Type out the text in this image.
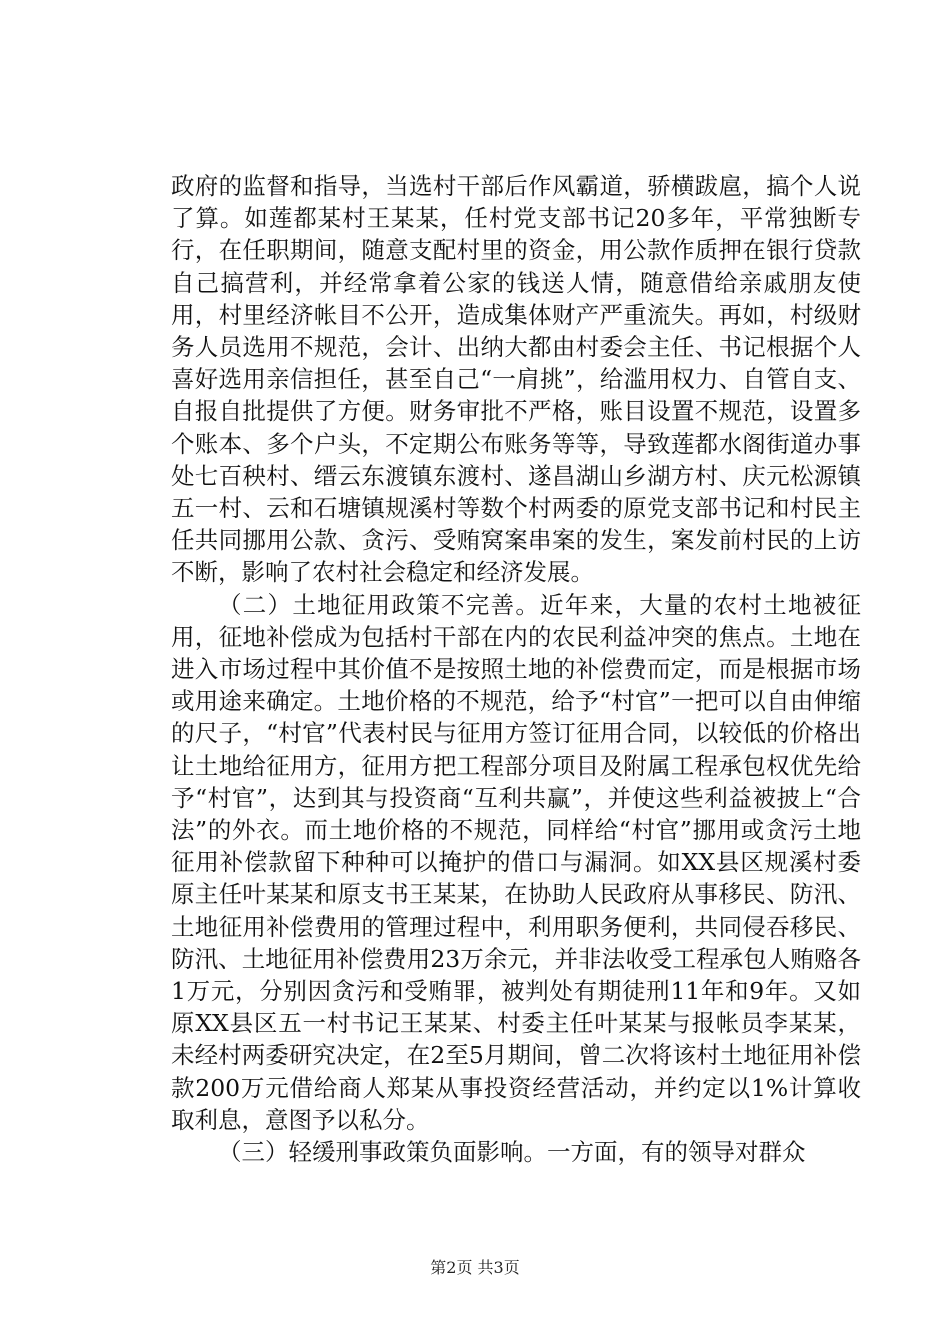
政府的监督和指导，当选村干部后作风霸道，骄横跋扈，搞个人说了算。如莲都某村王某某，任村党支部书记20多年，平常独断专行，在任职期间，随意支配村里的资金，用公款作质押在银行贷款自己搞营利，并经常拿着公家的钱送人情，随意借给亲戚朋友使用，村里经济帐目不公开，造成集体财产严重流失。再如，村级财务人员选用不规范，会计、出纳大都由村委会主任、书记根据个人喜好选用亲信担任，甚至自己“一肩挑”，给滥用权力、自管自支、自报自批提供了方便。财务审批不严格，账目设置不规范，设置多个账本、多个户头，不定期公布账务等等，导致莲都水阁街道办事处七百秧村、缙云东渡镇东渡村、遂昌湖山乡湖方村、庆元松源镇五一村、云和石塘镇规溪村等数个村两委的原党支部书记和村民主任共同挪用公款、贪污、受贿窝案串案的发生，案发前村民的上访不断，影响了农村社会稳定和经济发展。

（二）土地征用政策不完善。近年来，大量的农村土地被征用，征地补偿成为包括村干部在内的农民利益冲突的焦点。土地在进入市场过程中其价值不是按照土地的补偿费而定，而是根据市场或用途来确定。土地价格的不规范，给予“村官”一把可以自由伸缩的尺子，“村官”代表村民与征用方签订征用合同，以较低的价格出让土地给征用方，征用方把工程部分项目及附属工程承包权优先给予“村官”，达到其与投资商“互利共赢”，并使这些利益被披上“合法”的外衣。而土地价格的不规范，同样给“村官”挪用或贪污土地征用补偿款留下种种可以掩护的借口与漏洞。如XX县区规溪村委原主任叶某某和原支书王某某，在协助人民政府从事移民、防汛、土地征用补偿费用的管理过程中，利用职务便利，共同侵吞移民、防汛、土地征用补偿费用23万余元，并非法收受工程承包人贿赂各1万元，分别因贪污和受贿罪，被判处有期徒刑11年和9年。又如原XX县区五一村书记王某某、村委主任叶某某与报帐员李某某，未经村两委研究决定，在2至5月期间，曾二次将该村土地征用补偿款200万元借给商人郑某从事投资经营活动，并约定以1%计算收取利息，意图予以私分。

（三）轻缓刑事政策负面影响。一方面，有的领导对群众

第2页 共3页
